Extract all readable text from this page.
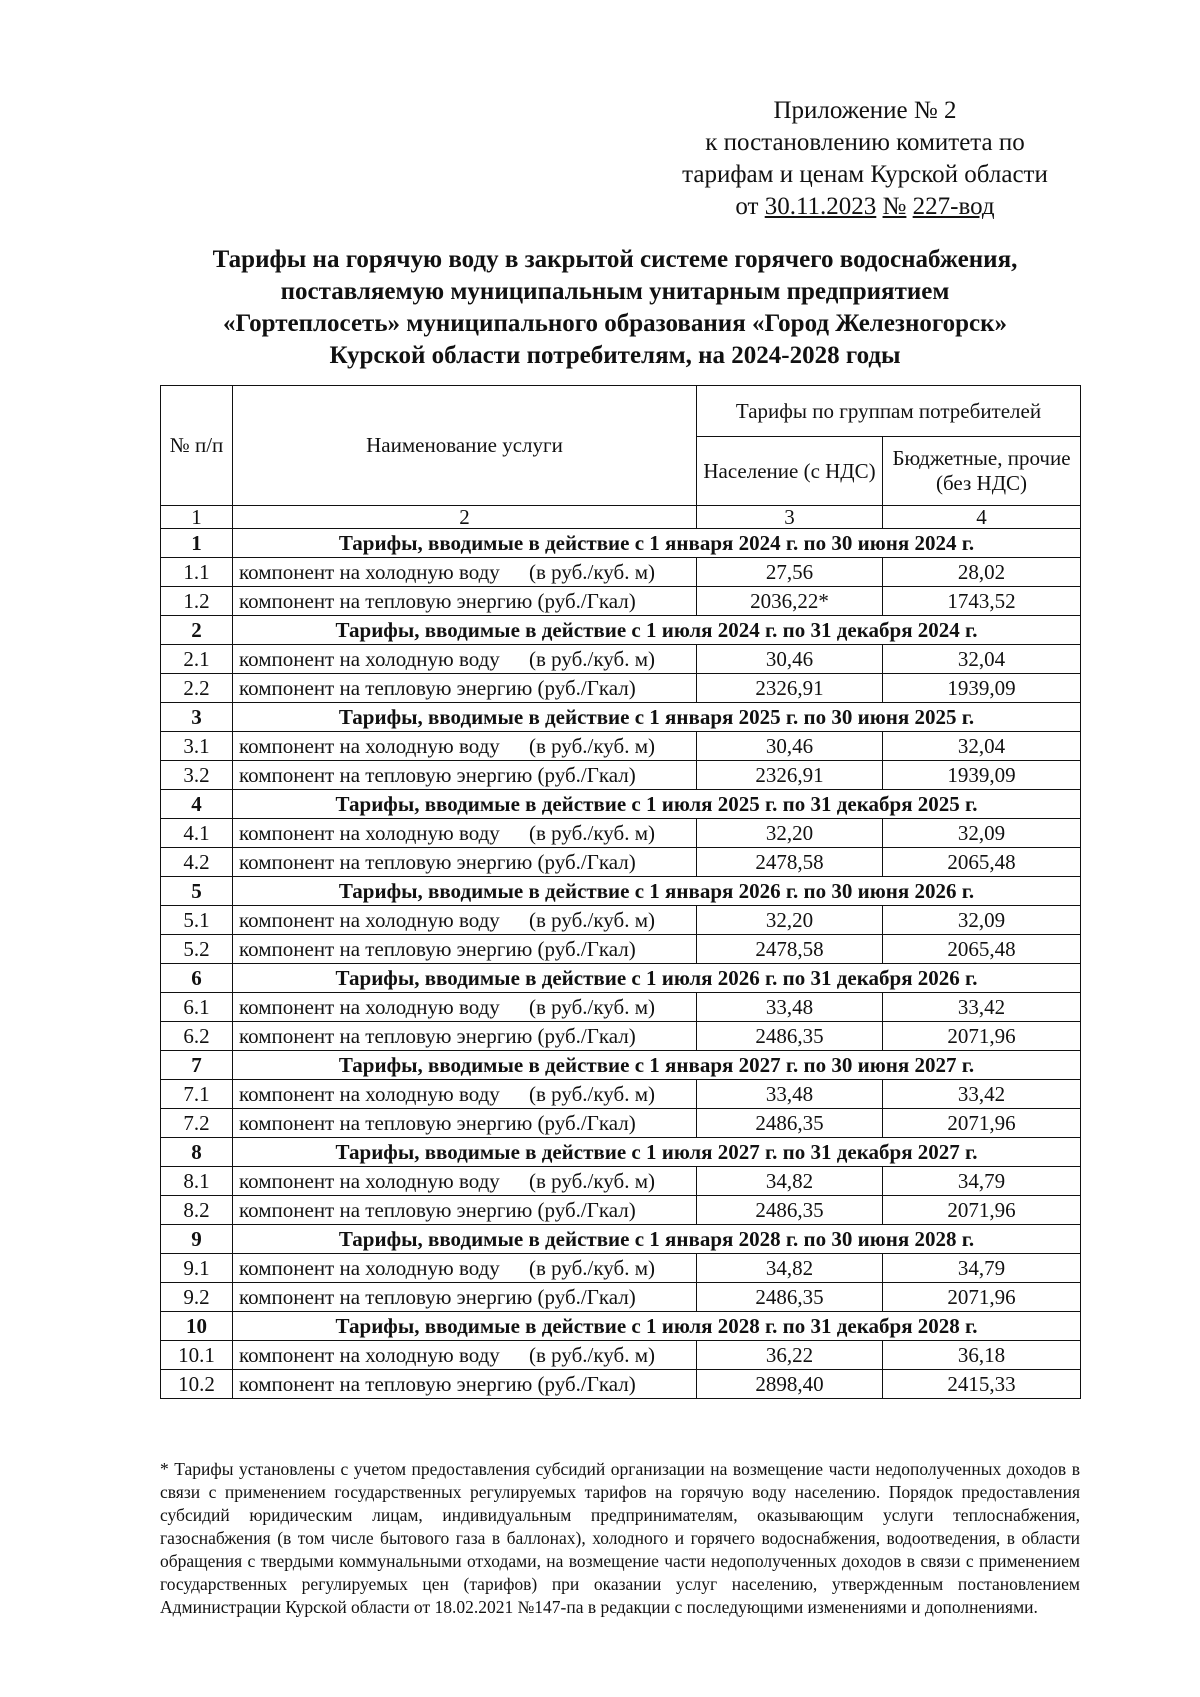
Приложение № 2
к постановлению комитета по
тарифам и ценам Курской области
от 30.11.2023 № 227-вод
Тарифы на горячую воду в закрытой системе горячего водоснабжения,
поставляемую муниципальным унитарным предприятием
«Гортеплосеть» муниципального образования «Город Железногорск»
Курской области потребителям, на 2024-2028 годы
№ п/п	Наименование услуги	Тарифы по группам потребителей	
		Население (с НДС)	Бюджетные, прочие (без НДС)
1	2	3	4
1	Тарифы, вводимые в действие с 1 января 2024 г. по 30 июня 2024 г.		
1.1	компонент на холодную воду (в руб./куб. м)	27,56	28,02
1.2	компонент на тепловую энергию (руб./Гкал)	2036,22*	1743,52
2	Тарифы, вводимые в действие с 1 июля 2024 г. по 31 декабря 2024 г.		
2.1	компонент на холодную воду (в руб./куб. м)	30,46	32,04
2.2	компонент на тепловую энергию (руб./Гкал)	2326,91	1939,09
3	Тарифы, вводимые в действие с 1 января 2025 г. по 30 июня 2025 г.		
3.1	компонент на холодную воду (в руб./куб. м)	30,46	32,04
3.2	компонент на тепловую энергию (руб./Гкал)	2326,91	1939,09
4	Тарифы, вводимые в действие с 1 июля 2025 г. по 31 декабря 2025 г.		
4.1	компонент на холодную воду (в руб./куб. м)	32,20	32,09
4.2	компонент на тепловую энергию (руб./Гкал)	2478,58	2065,48
5	Тарифы, вводимые в действие с 1 января 2026 г. по 30 июня 2026 г.		
5.1	компонент на холодную воду (в руб./куб. м)	32,20	32,09
5.2	компонент на тепловую энергию (руб./Гкал)	2478,58	2065,48
6	Тарифы, вводимые в действие с 1 июля 2026 г. по 31 декабря 2026 г.		
6.1	компонент на холодную воду (в руб./куб. м)	33,48	33,42
6.2	компонент на тепловую энергию (руб./Гкал)	2486,35	2071,96
7	Тарифы, вводимые в действие с 1 января 2027 г. по 30 июня 2027 г.		
7.1	компонент на холодную воду (в руб./куб. м)	33,48	33,42
7.2	компонент на тепловую энергию (руб./Гкал)	2486,35	2071,96
8	Тарифы, вводимые в действие с 1 июля 2027 г. по 31 декабря 2027 г.		
8.1	компонент на холодную воду (в руб./куб. м)	34,82	34,79
8.2	компонент на тепловую энергию (руб./Гкал)	2486,35	2071,96
9	Тарифы, вводимые в действие с 1 января 2028 г. по 30 июня 2028 г.		
9.1	компонент на холодную воду (в руб./куб. м)	34,82	34,79
9.2	компонент на тепловую энергию (руб./Гкал)	2486,35	2071,96
10	Тарифы, вводимые в действие с 1 июля 2028 г. по 31 декабря 2028 г.		
10.1	компонент на холодную воду (в руб./куб. м)	36,22	36,18
10.2	компонент на тепловую энергию (руб./Гкал)	2898,40	2415,33
* Тарифы установлены с учетом предоставления субсидий организации на возмещение части недополученных доходов в связи с применением государственных регулируемых тарифов на горячую воду населению. Порядок предоставления субсидий юридическим лицам, индивидуальным предпринимателям, оказывающим услуги теплоснабжения, газоснабжения (в том числе бытового газа в баллонах), холодного и горячего водоснабжения, водоотведения, в области обращения с твердыми коммунальными отходами, на возмещение части недополученных доходов в связи с применением государственных регулируемых цен (тарифов) при оказании услуг населению, утвержденным постановлением Администрации Курской области от 18.02.2021 №147-па в редакции с последующими изменениями и дополнениями.
